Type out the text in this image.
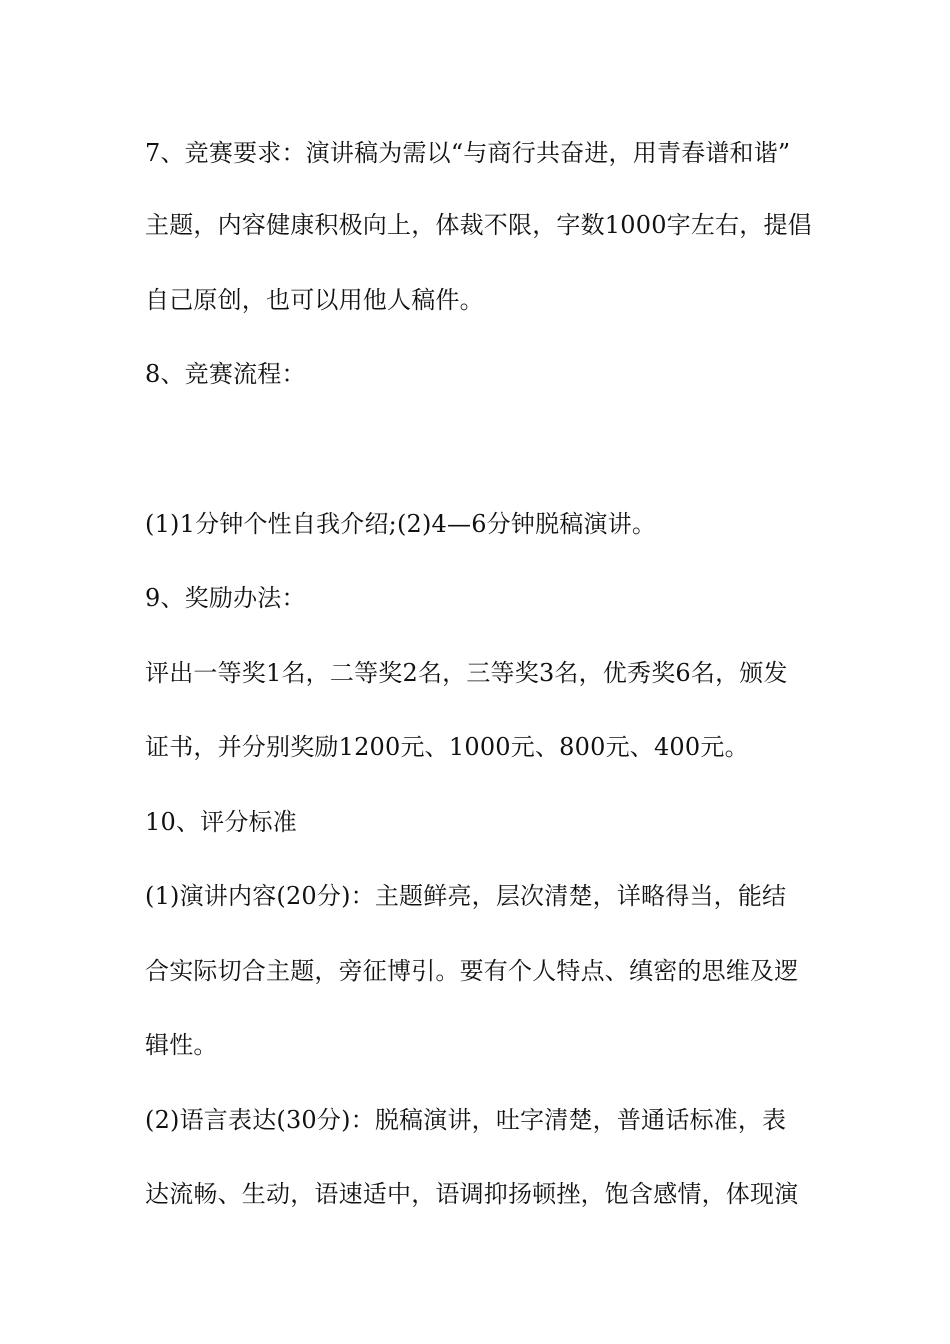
7、竞赛要求：演讲稿为需以“与商行共奋进，用青春谱和谐”
主题，内容健康积极向上，体裁不限，字数1000字左右，提倡
自己原创，也可以用他人稿件。
8、竞赛流程：
(1)1分钟个性自我介绍;(2)4—6分钟脱稿演讲。
9、奖励办法：
评出一等奖1名，二等奖2名，三等奖3名，优秀奖6名，颁发
证书，并分别奖励1200元、1000元、800元、400元。
10、评分标准
(1)演讲内容(20分)：主题鲜亮，层次清楚，详略得当，能结
合实际切合主题，旁征博引。要有个人特点、缜密的思维及逻
辑性。
(2)语言表达(30分)：脱稿演讲，吐字清楚，普通话标准，表
达流畅、生动，语速适中，语调抑扬顿挫，饱含感情，体现演
